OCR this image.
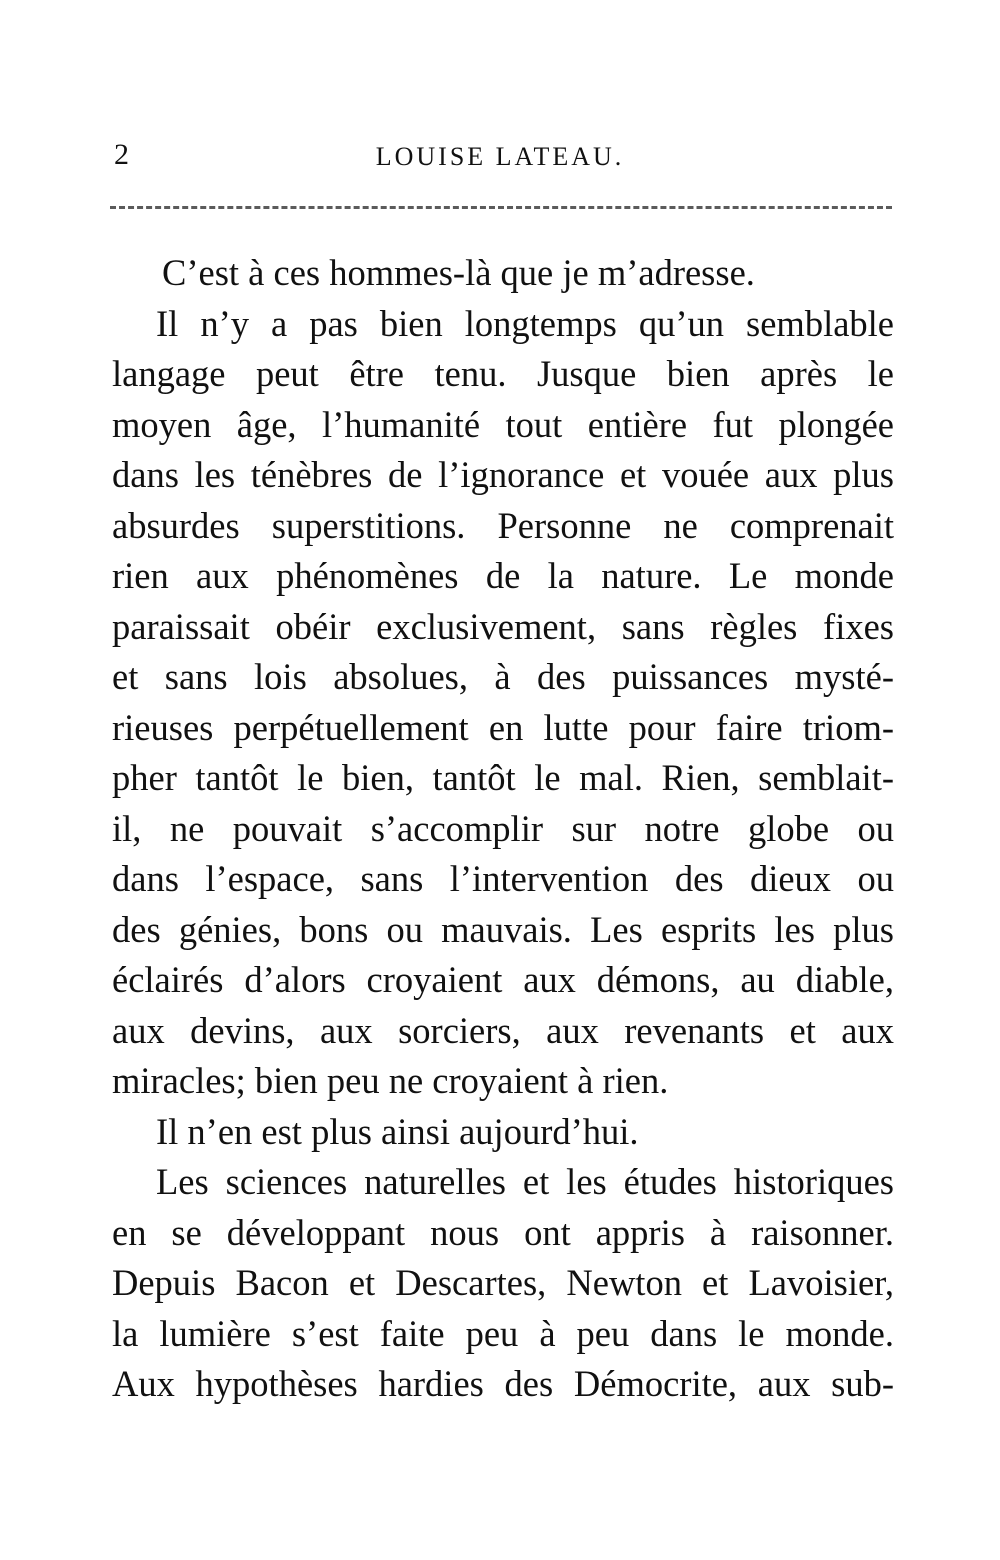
2	LOUISE LATEAU.
C’est à ces hommes-là que je m’adresse.
Il n’y a pas bien longtemps qu’un semblable
langage peut être tenu. Jusque bien après le
moyen âge, l’humanité tout entière fut plongée
dans les ténèbres de l’ignorance et vouée aux plus
absurdes superstitions. Personne ne comprenait
rien aux phénomènes de la nature. Le monde
paraissait obéir exclusivement, sans règles fixes
et sans lois absolues, à des puissances mysté-
rieuses perpétuellement en lutte pour faire triom-
pher tantôt le bien, tantôt le mal. Rien, semblait-
il, ne pouvait s’accomplir sur notre globe ou
dans l’espace, sans l’intervention des dieux ou
des génies, bons ou mauvais. Les esprits les plus
éclairés d’alors croyaient aux démons, au diable,
aux devins, aux sorciers, aux revenants et aux
miracles; bien peu ne croyaient à rien.
Il n’en est plus ainsi aujourd’hui.
Les sciences naturelles et les études historiques
en se développant nous ont appris à raisonner.
Depuis Bacon et Descartes, Newton et Lavoisier,
la lumière s’est faite peu à peu dans le monde.
Aux hypothèses hardies des Démocrite, aux sub-
